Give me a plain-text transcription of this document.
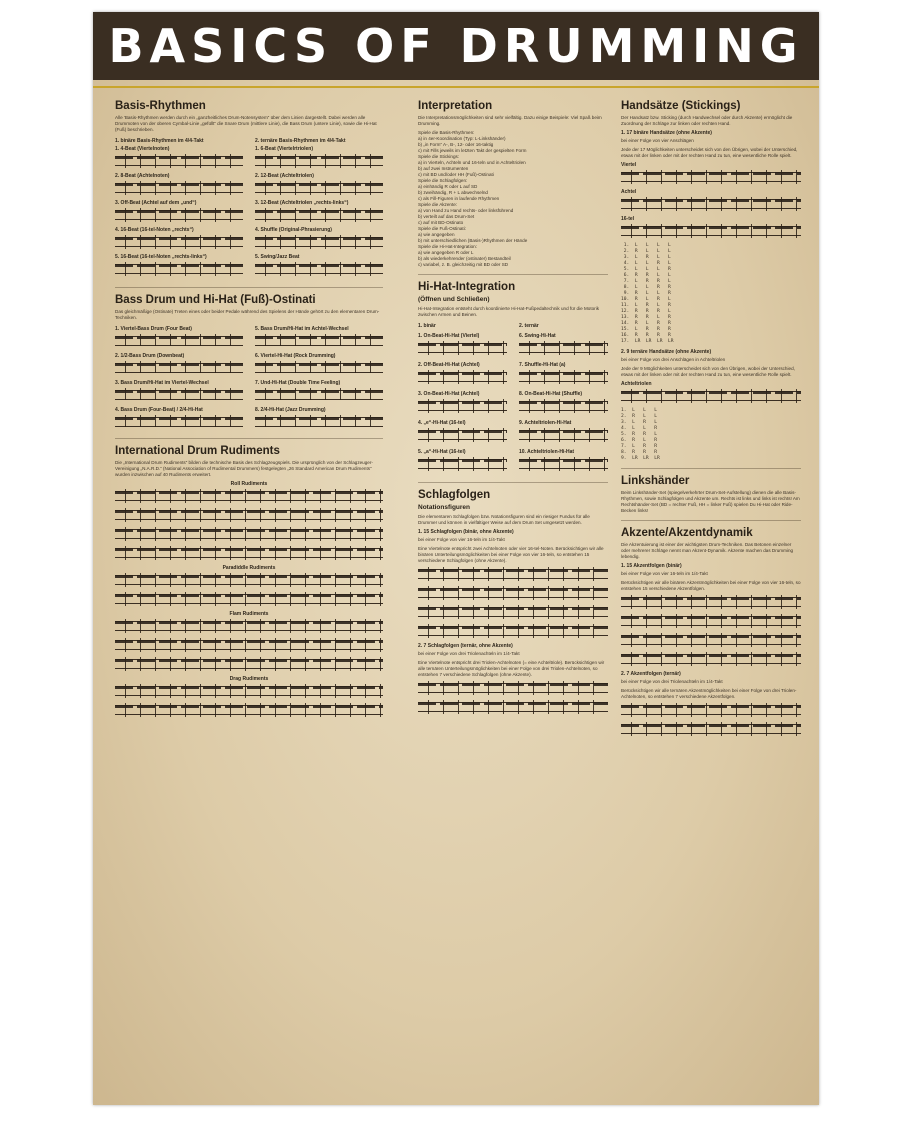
BASICS OF DRUMMING
Basis-Rhythmen
Alle 'Basis-Rhythmen werden durch ein „ganzheitliches Drum-Notensystem“ über dem Linien dargestellt. Dabei werden alle Drummoten von der oberen Cymbal-Linie „gefüllt“ die Snare Drum (mittlere Linie), die Bass Drum (untere Linie), sowie die Hi-Hat (Fuß) beschrieben.
1. binäre Basis-Rhythmen im 4/4-Takt
1. 4-Beat (Viertelnoten)
2. 8-Beat (Achtelnoten)
3. Off-Beat (Achtel auf dem „und“)
4. 16-Beat (16-tel-Noten „rechts“)
5. 16-Beat (16-tel-Noten „rechts-links“)
2. ternäre Basis-Rhythmen im 4/4-Takt
1. 6-Beat (Viertelrtriolen)
2. 12-Beat (Achteltriolen)
3. 12-Beat (Achteltriolen „rechts-links“)
4. Shuffle (Original-Phrasierung)
5. Swing/Jazz Beat
Bass Drum und Hi-Hat (Fuß)-Ostinati
Das gleichmäßige (Ostinate) Treten eines oder beider Pedale während des Spielens der Hände gehört zu den elementaren Drum-Techniken.
1. Viertel-Bass Drum (Four Beat)	5. Bass Drum/Hi-Hat im Achtel-Wechsel
2. 1/2-Bass Drum (Downbeat)	6. Viertel-Hi-Hat (Rock Drumming)
3. Bass Drum/Hi-Hat im Viertel-Wechsel	7. Und-Hi-Hat (Double Time Feeling)
4. Bass Drum (Four-Beat) / 2/4-Hi-Hat	8. 2/4-Hi-Hat (Jazz Drumming)
International Drum Rudiments
Die „International Drum Rudiments“ bilden die technische Basis des Schlagzeugspiels. Die ursprünglich von der Schlagzeuger-Vereinigung „N.A.R.D.“ (National Association of Rudimental Drummers) festgelegten „26 Standard American Drum Rudiments“ wurden inzwischen auf 40 Rudiments erweitert.
Roll Rudiments
Paradiddle Rudiments
Flam Rudiments
Drag Rudiments
Interpretation
Die Interpretationsmöglichkeiten sind sehr vielfältig. Dazu einige Beispiele: Viel Spaß beim Drumming.
Spiele die Basis-Rhythmen:
a) in 4er-Koordination (Typ: L-Linkshänder)
b) „in Form“ A-, B-, 12- oder 16-taktig
c) mit Fills jeweils im letzten Takt der gespielten Form
Spiele die Stickings:
a) in Vierteln, Achteln und 16-teln und in Achteltriolen
b) auf zwei Instrumenten
c) mit BD und/oder HH (Fuß)-Ostinati
Spiele die Schlagfolgen:
a) einhändig R oder L auf SD
b) zweihändig, R + L abwechselnd
c) als Fill-Figuren in laufende Rhythmen
Spiele die Akzente:
a) von Hand zu Hand rechts- oder linksführend
b) verteilt auf das Drum-Set
c) auf mit BD-Ostinato
Spiele die Fuß-Ostinati:
a) wie angegeben
b) mit unterschiedlichen (Basis-)Rhythmen der Hände
Spiele die Hi-Hat-Integration:
a) wie angegeben R oder L
b) als wiederkehrender (ostinater) Bestandteil
c) variabel, z. B. gleichzeitig mit BD oder SD
Hi-Hat-Integration
(Öffnen und Schließen)
Hi-Hat-Integration entsteht durch koordinierte Hi-Hat-Fußpedaltechnik und für die Motorik zwischen Armen und Beinen.
1. binär	2. ternär
1. On-Beat-Hi-Hat (Viertel)	6. Swing-Hi-Hat
2. Off-Beat-Hi-Hat (Achtel)	7. Shuffle-Hi-Hat (a)
3. On-Beat-Hi-Hat (Achtel)	8. On-Beat-Hi-Hat (Shuffle)
4. „e“-Hi-Hat (16-tel)	9. Achteltriolen-Hi-Hat
5. „a“-Hi-Hat (16-tel)	10. Achteltriolen-Hi-Hat
Schlagfolgen
Notationsfiguren
Die elementaren Schlagfolgen bzw. Notationsfiguren sind ein riesiger Fundus für alle Drummer und können in vielfältiger Weise auf dem Drum Set umgesetzt werden.
1. 15 Schlagfolgen (binär, ohne Akzente)
bei einer Folge von vier 16-teln im 1/4-Takt
Eine Viertelnote entspricht zwei Achtelnoten oder vier 16-tel-Noten. Berücksichtigen wir alle binären Unterteilungsmöglichkeiten bei einer Folge von vier 16-teln, so entstehen 15 verschiedene Schlagfolgen (ohne Akzente).
2. 7 Schlagfolgen (ternär, ohne Akzente)
bei einer Folge von drei Triolenachteln im 1/4-Takt
Eine Viertelnote entspricht drei Triolen-Achtelnoten (= eine Achteltriole). Berücksichtigen wir alle ternären Unterteilungsmöglichkeiten bei einer Folge von drei Triolen-Achtelnoten, so entstehen 7 verschiedene Schlagfolgen (ohne Akzente).
Handsätze (Stickings)
Der Handsatz bzw. Sticking (durch Handwechsel oder durch Akzente) ermöglicht die Zuordnung der Schläge zur linken oder rechten Hand.
1. 17 binäre Handsätze (ohne Akzente)
bei einer Folge von vier Anschlägen
Jede der 17 Möglichkeiten unterscheidet sich von den Übrigen, wobei der Unterschied, etwas mit der linken oder mit der rechten Hand zu tun, eine wesentliche Rolle spielt.
Viertel
Achtel
16-tel
1.  L   L   L   L
2.  R   L   L   L
3.  L   R   L   L
4.  L   L   R   L
5.  L   L   L   R
6.  R   R   L   L
7.  L   R   R   L
8.  L   L   R   R
9.  R   L   L   R
10.  R   L   R   L
11.  L   R   L   R
12.  R   R   R   L
13.  R   R   L   R
14.  R   L   R   R
15.  L   R   R   R
16.  R   R   R   R
17.  LR  LR  LR  LR
2. 9 ternäre Handsätze (ohne Akzente)
bei einer Folge von drei Anschlägen in Achteltriolen
Jede der 9 Möglichkeiten unterscheidet sich von den Übrigen, wobei der Unterschied, etwas mit der linken oder mit der rechten Hand zu tun, eine wesentliche Rolle spielt.
Achteltriolen
1.  L   L   L
2.  R   L   L
3.  L   R   L
4.  L   L   R
5.  R   R   L
6.  R   L   R
7.  L   R   R
8.  R   R   R
9.  LR  LR  LR
Linkshänder
Beim Linkshänder-Set (spiegelverkehrter Drum-Set-Aufstellung) dienen die alle Basis-Rhythmen, sowie Schlagfolgen und Akzente um. Rechts ist links und links ist rechts! Am Rechtshänder-Set (BD = rechter Fuß, HH = linker Fuß) spielen Du Hi-Hat oder Ride-Becken links!
Akzente/Akzentdynamik
Die Akzentuierung ist einer der wichtigsten Drum-Techniken. Das Betonen einzelner oder mehrerer Schläge nennt man Akzent-Dynamik. Akzente machen das Drumming lebendig.
1. 15 Akzentfolgen (binär)
bei einer Folge von vier 16-teln im 1/4-Takt
Berücksichtigen wir alle binären Akzentmöglichkeiten bei einer Folge von vier 16-teln, so entstehen 15 verschiedene Akzentfolgen.
2. 7 Akzentfolgen (ternär)
bei einer Folge von drei Triolenachteln im 1/4-Takt
Berücksichtigen wir alle ternären Akzentmöglichkeiten bei einer Folge von drei Triolen-Achtelnoten, so entstehen 7 verschiedene Akzentfolgen.
